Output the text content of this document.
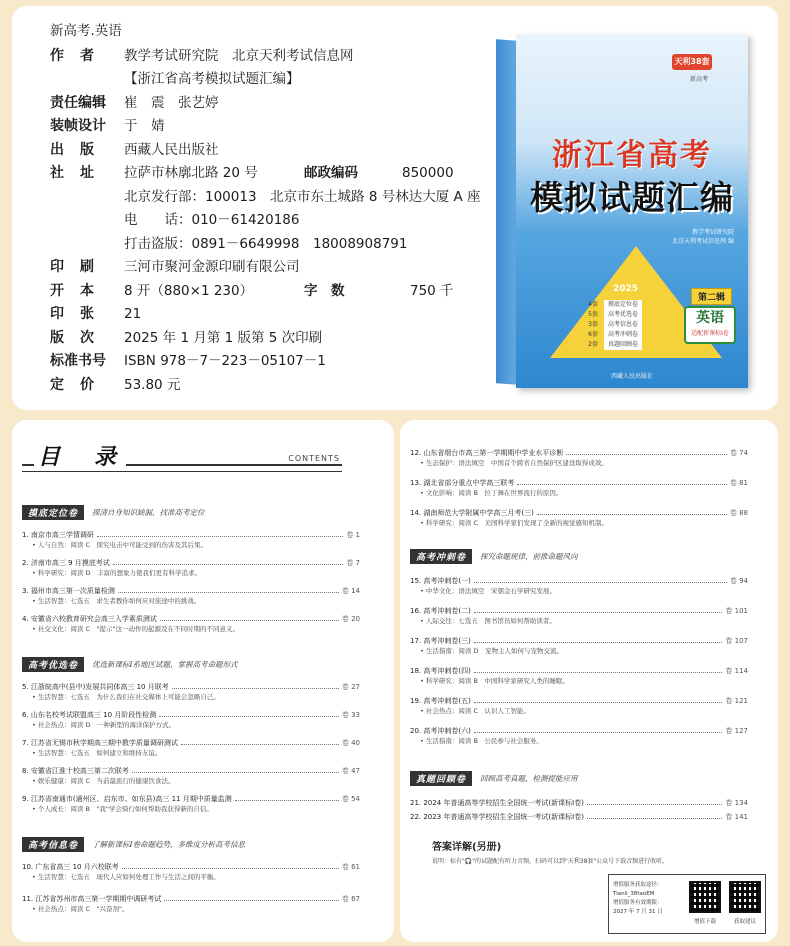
新高考.英语
作者 教学考试研究院　北京天利考试信息网
【浙江省高考模拟试题汇编】
责任编辑	崔　震　张艺婷
装帧设计	于　婧
出版 西藏人民出版社
社址 拉萨市林廓北路 20 号	邮政编码	850000
北京发行部：100013　北京市东土城路 8 号林达大厦 A 座
电　　话：010－61420186
打击盗版：0891－6649998　18008908791
印刷 三河市聚河金源印刷有限公司
开本 8 开（880×1 230）	字　数	750 千
印张 21
版次 2025 年 1 月第 1 版第 5 次印刷
标准书号	ISBN 978－7－223－05107－1
定价 53.80 元
天利38套
新高考
浙江省高考
模拟试题汇编
教学考试研究院
北京天利考试信息网 编
2025
4套 摸底定位卷
5套 高考优选卷
3套 高考信息卷
6套 高考冲刺卷
2套 真题回顾卷
第二辑
英语
适配新课标Ⅰ卷
西藏人民出版社
目　录	CONTENTS
摸底定位卷	摸清自身知识缺漏，找准高考定位
1. 南京市高三学情调研	卷 1
• 人与自然：阅读 C　探究电击中可能受到的伤害及其后果。
2. 济南市高三 9 月摸底考试	卷 7
• 科学研究：阅读 D　丰富的想象力使我们更有科学追求。
3. 福州市高三第一次质量检测	卷 14
• 生活智慧：七选五　求生者教你如何应对旅途中的挑战。
4. 安徽省六校教育研究会高三入学素质测试	卷 20
• 社交文化：阅读 C　"提示"这一动作的起源及在不同时期的不同意义。
高考优选卷	优选新课标Ⅰ系地区试题，掌握高考命题形式
5. 江浙皖高中(县中)发展共同体高三 10 月联考	卷 27
• 生活智慧：七选五　为什么我们在社交媒体上可能会忽略自己。
6. 山东名校考试联盟高三 10 月阶段性检测	卷 33
• 社会热点：阅读 D　一种新型的海洋保护方式。
7. 江苏省无锡市秋学期高三期中教学质量调研测试	卷 40
• 生活智慧：七选五　如何建立和维持友谊。
8. 安徽省江淮十校高三第二次联考	卷 47
• 娱乐健康：阅读 C　当前最流行的健康饮食法。
9. 江苏省南通市(通州区、启东市、如东县)高三 11 月期中质量监测	卷 54
• 个人成长：阅读 B　"我"学会骑行如何帮助我获得新的自信。
高考信息卷	了解新课标Ⅰ卷命题趋势，多维度分析高考信息
10. 广东省高三 10 月六校联考	卷 61
• 生活智慧：七选五　现代人应如何处理工作与生活之间的平衡。
11. 江苏省苏州市高三第一学期期中调研考试	卷 67
• 社会热点：阅读 C　"兴奋剂"。
12. 山东省烟台市高三第一学期期中学业水平诊断	卷 74
• 生态保护：语法填空　中国首个跨省自然保护区建设取得成效。
13. 湖北省部分重点中学高三联考	卷 81
• 文化影响：阅读 B　拉丁舞在世界流行的原因。
14. 湖南师范大学附属中学高三月考(三)	卷 88
• 科学研究：阅读 C　美国科学家们发现了全新的视觉感知机制。
高考冲刺卷	探究命题规律，前推命题风向
15. 高考冲刺卷(一)	卷 94
• 中华文化：语法填空　宋朝金石学研究发展。
16. 高考冲刺卷(二)	卷 101
• 人际交往：七选五　图书馆员如何帮助读者。
17. 高考冲刺卷(三)	卷 107
• 生活指南：阅读 D　宠物主人如何与宠物交流。
18. 高考冲刺卷(四)	卷 114
• 科学研究：阅读 B　中国科学家研究人类的睡眠。
19. 高考冲刺卷(五)	卷 121
• 社会热点：阅读 C　认识人工智能。
20. 高考冲刺卷(六)	卷 127
• 生活指南：阅读 B　公民参与社会服务。
真题回顾卷	回顾高考真题，检测提能应用
21. 2024 年普通高等学校招生全国统一考试(新课标Ⅰ卷)	卷 134
22. 2023 年普通高等学校招生全国统一考试(新课标Ⅰ卷)	卷 141
答案详解(另册)
说明：标有"🎧"的试题配有听力音频，扫码可以到"天利38套"公众号下载音频进行收听。
增值服务获取途径：
Tianli_38taoEM
增值服务有效期限：
2027 年 7 月 31 日
增值下载	获取建议
